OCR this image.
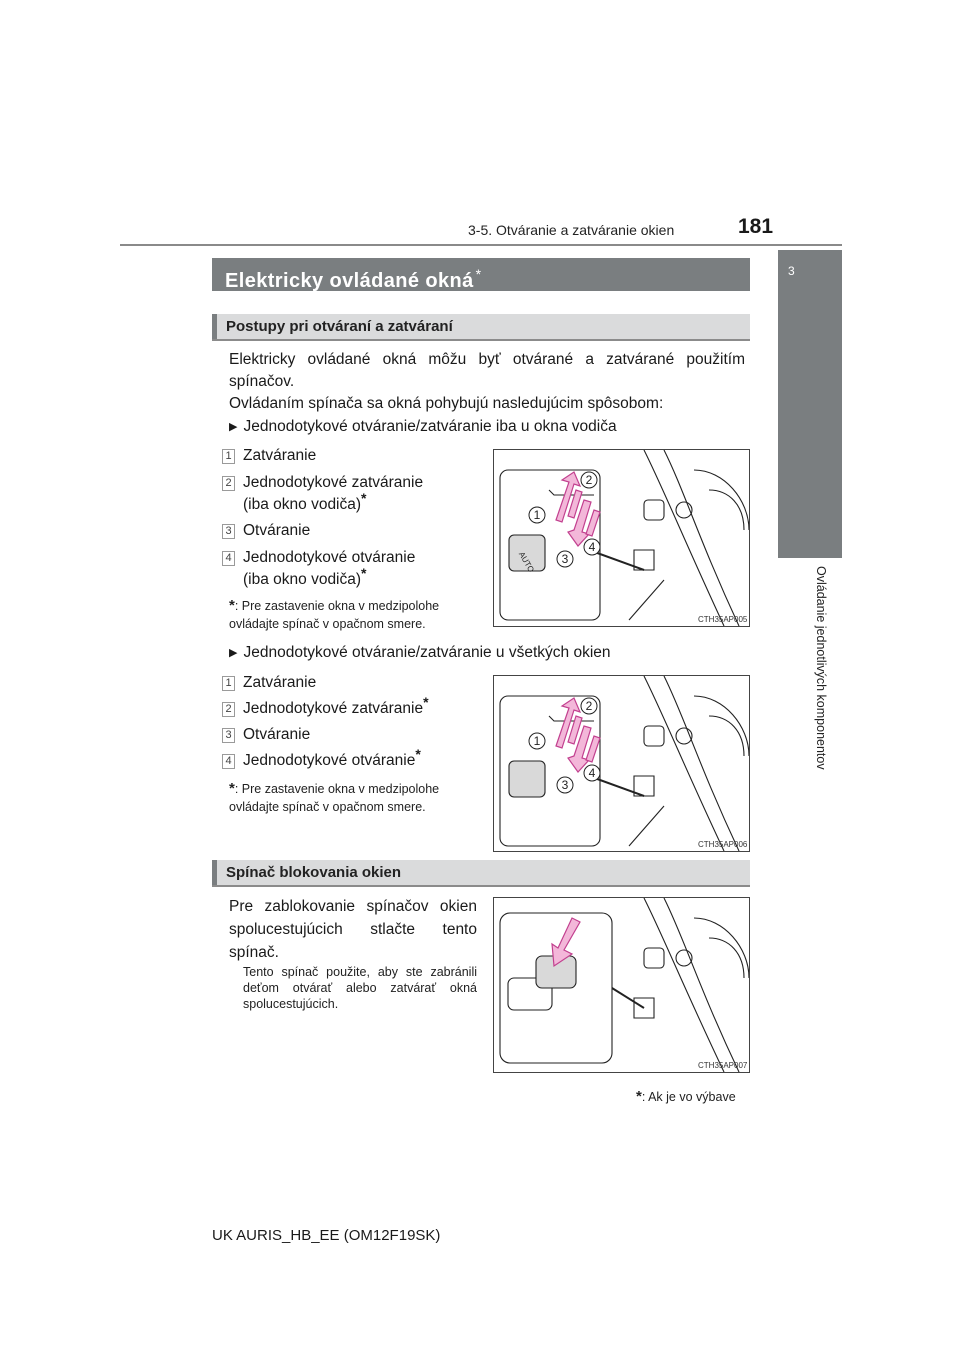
3-5. Otváranie a zatváranie okien	181
3
Ovládanie jednotlivých komponentov
Elektricky ovládané okná *
Postupy pri otváraní a zatváraní
Elektricky ovládané okná môžu byť otvárané a zatvárané použitím spínačov.
Ovládaním spínača sa okná pohybujú nasledujúcim spôsobom:
▶ Jednodotykové otváranie/zatváranie iba u okna vodiča
1 Zatváranie
2 Jednodotykové zatváranie
(iba okno vodiča)*
3 Otváranie
4 Jednodotykové otváranie
(iba okno vodiča)*
*: Pre zastavenie okna v medzipolohe ovládajte spínač v opačnom smere.
AUTO
2
1
4
3
CTH35AP005
▶ Jednodotykové otváranie/zatváranie u všetkých okien
1 Zatváranie
2 Jednodotykové zatváranie*
3 Otváranie
4 Jednodotykové otváranie*
*: Pre zastavenie okna v medzipolohe ovládajte spínač v opačnom smere.
2
1
4
3
CTH35AP006
Spínač blokovania okien
Pre zablokovanie spínačov okien spolucestujúcich stlačte tento spínač.
Tento spínač použite, aby ste zabránili deťom otvárať alebo zatvárať okná spolucestujúcich.
CTH35AP007
*: Ak je vo výbave
UK AURIS_HB_EE (OM12F19SK)
